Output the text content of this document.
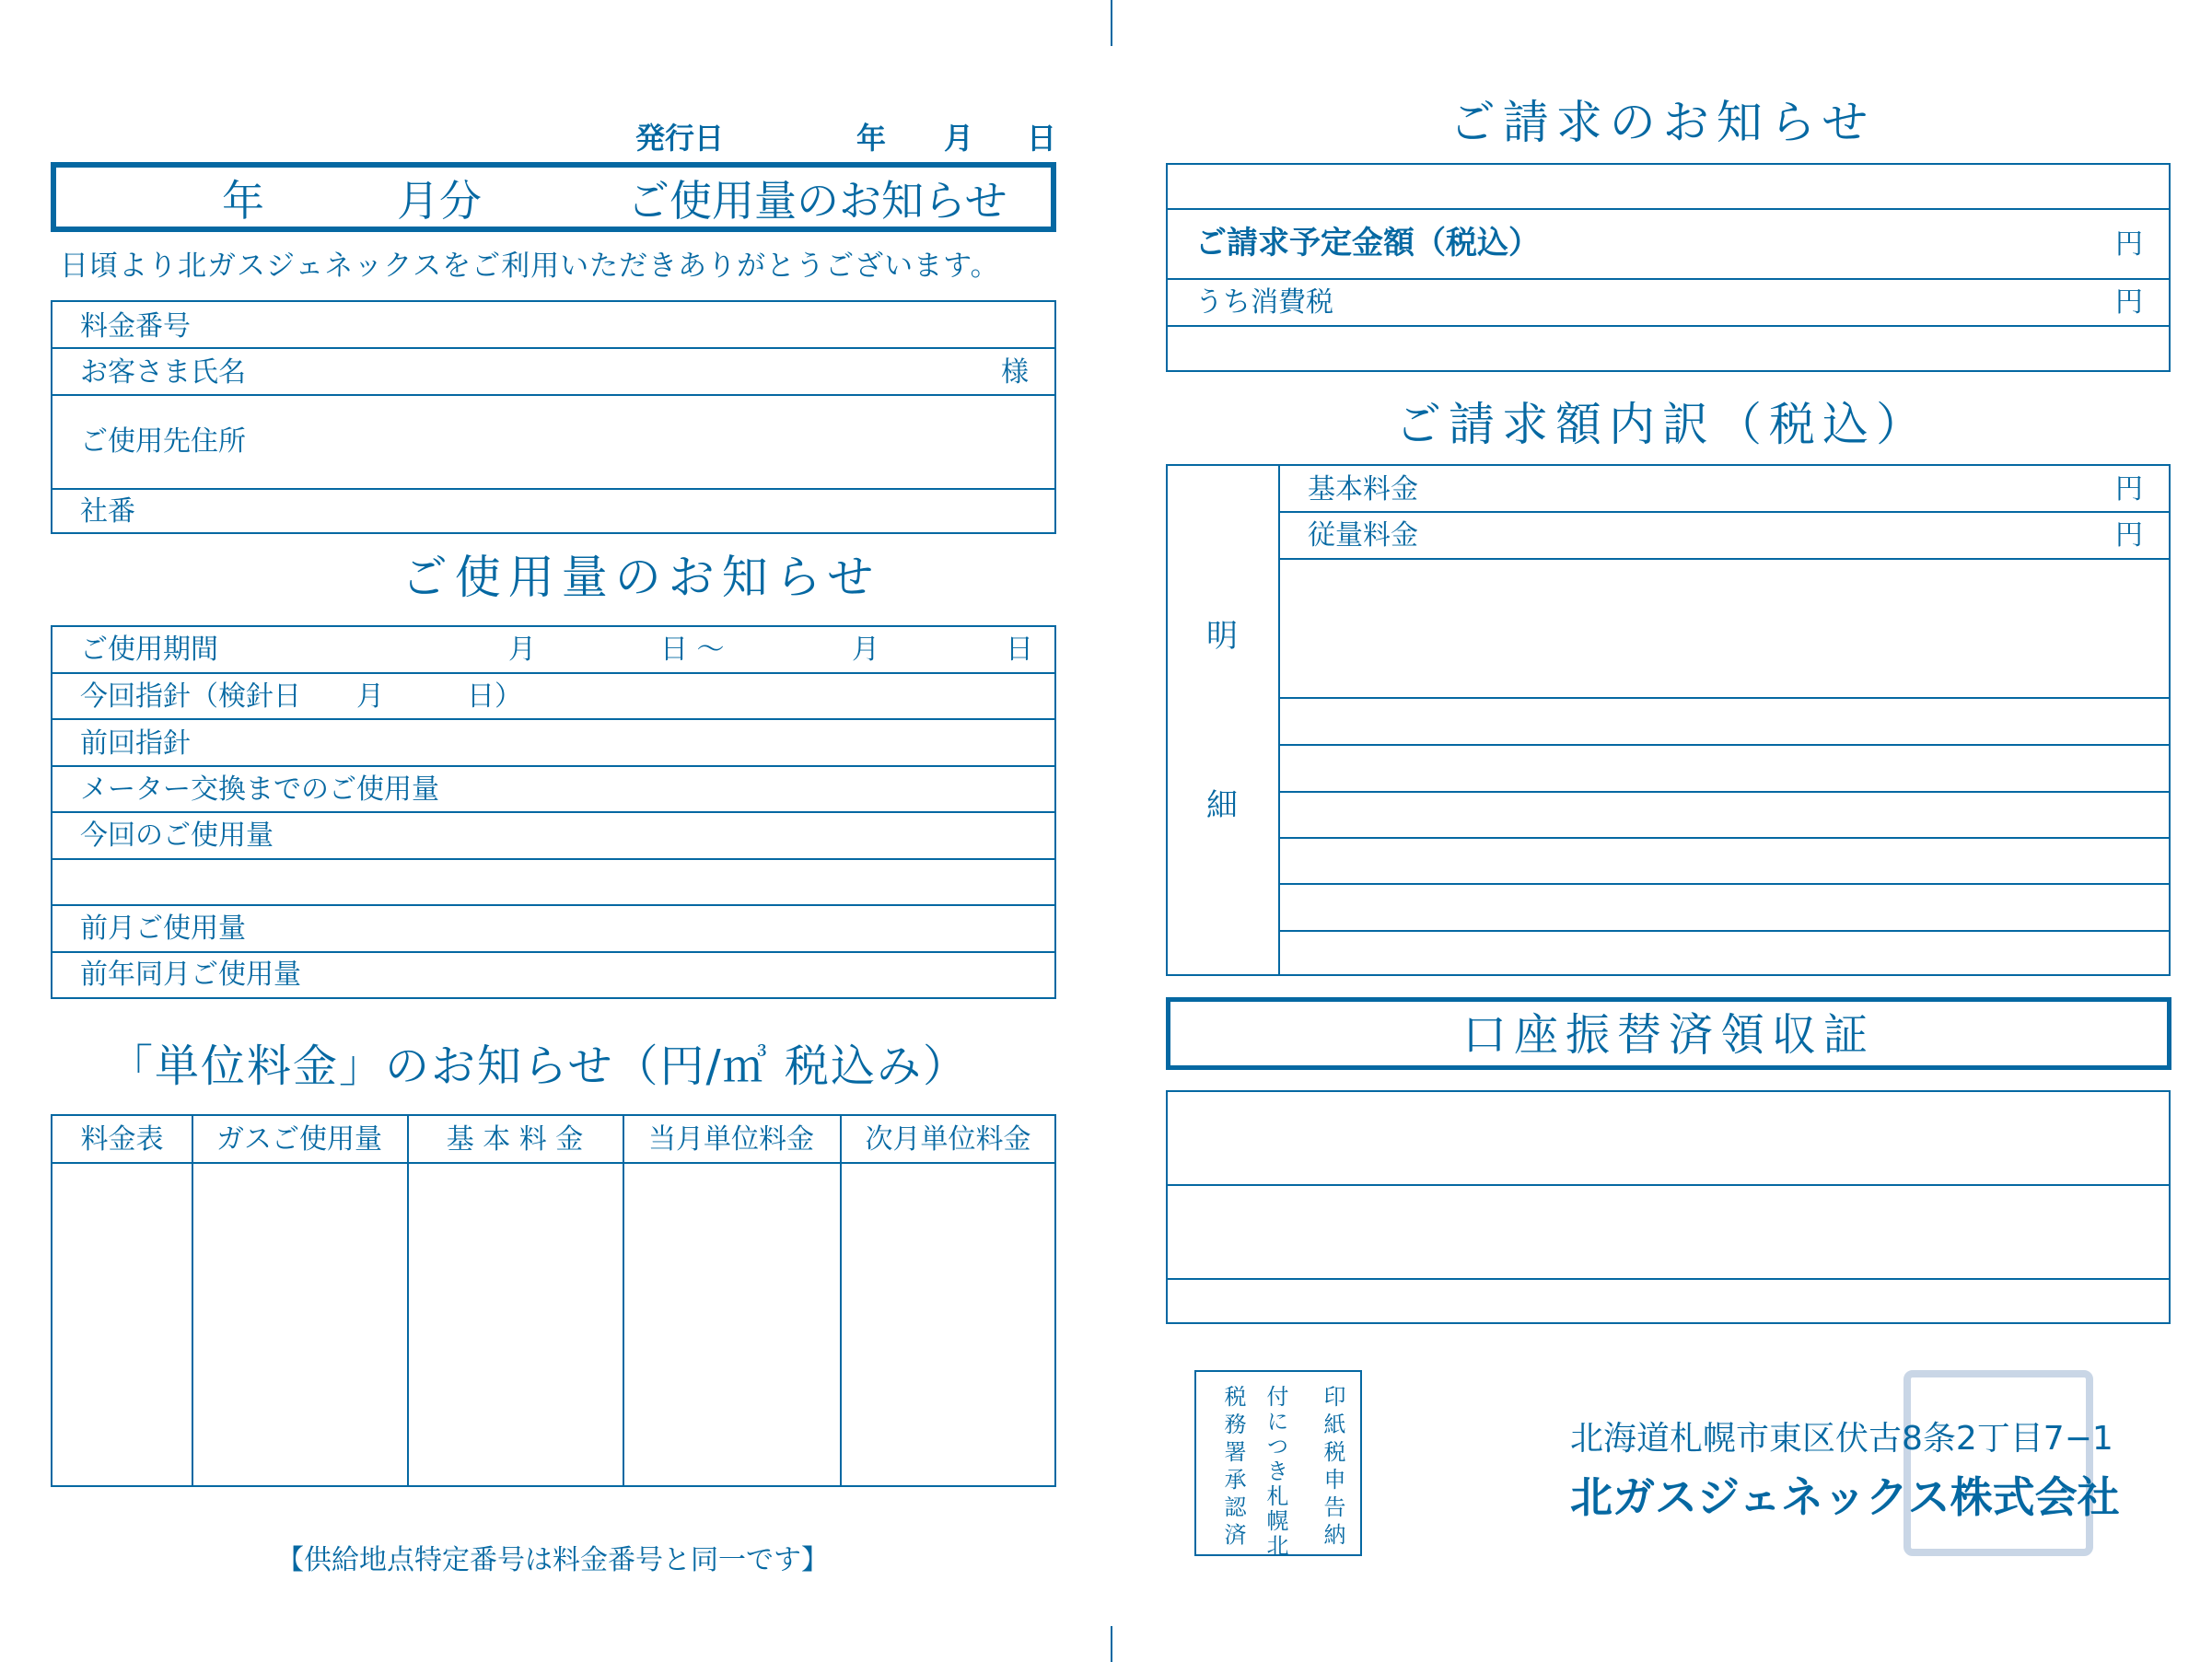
発行日	年 月 日
年	月分	ご使用量のお知らせ
日頃より北ガスジェネックスをご利用いただきありがとうございます。
料金番号
お客さま氏名	様
ご使用先住所
社番
ご使用量のお知らせ
ご使用期間	月	日 ～	月	日
今回指針（検針日　　月　　　日）
前回指針
メーター交換までのご使用量
今回のご使用量
前月ご使用量
前年同月ご使用量
「単位料金」のお知らせ（円/㎥ 税込み）
料金表	ガスご使用量	基 本 料 金	当月単位料金	次月単位料金
【供給地点特定番号は料金番号と同一です】
ご請求のお知らせ
ご請求予定金額（税込）	円
うち消費税	円
ご請求額内訳（税込）
明
細
基本料金	円
従量料金	円
口座振替済領収証
印紙税申告納
付につき札幌北
税務署承認済	北海道札幌市東区伏古8条2丁目7−1
北ガスジェネックス株式会社
